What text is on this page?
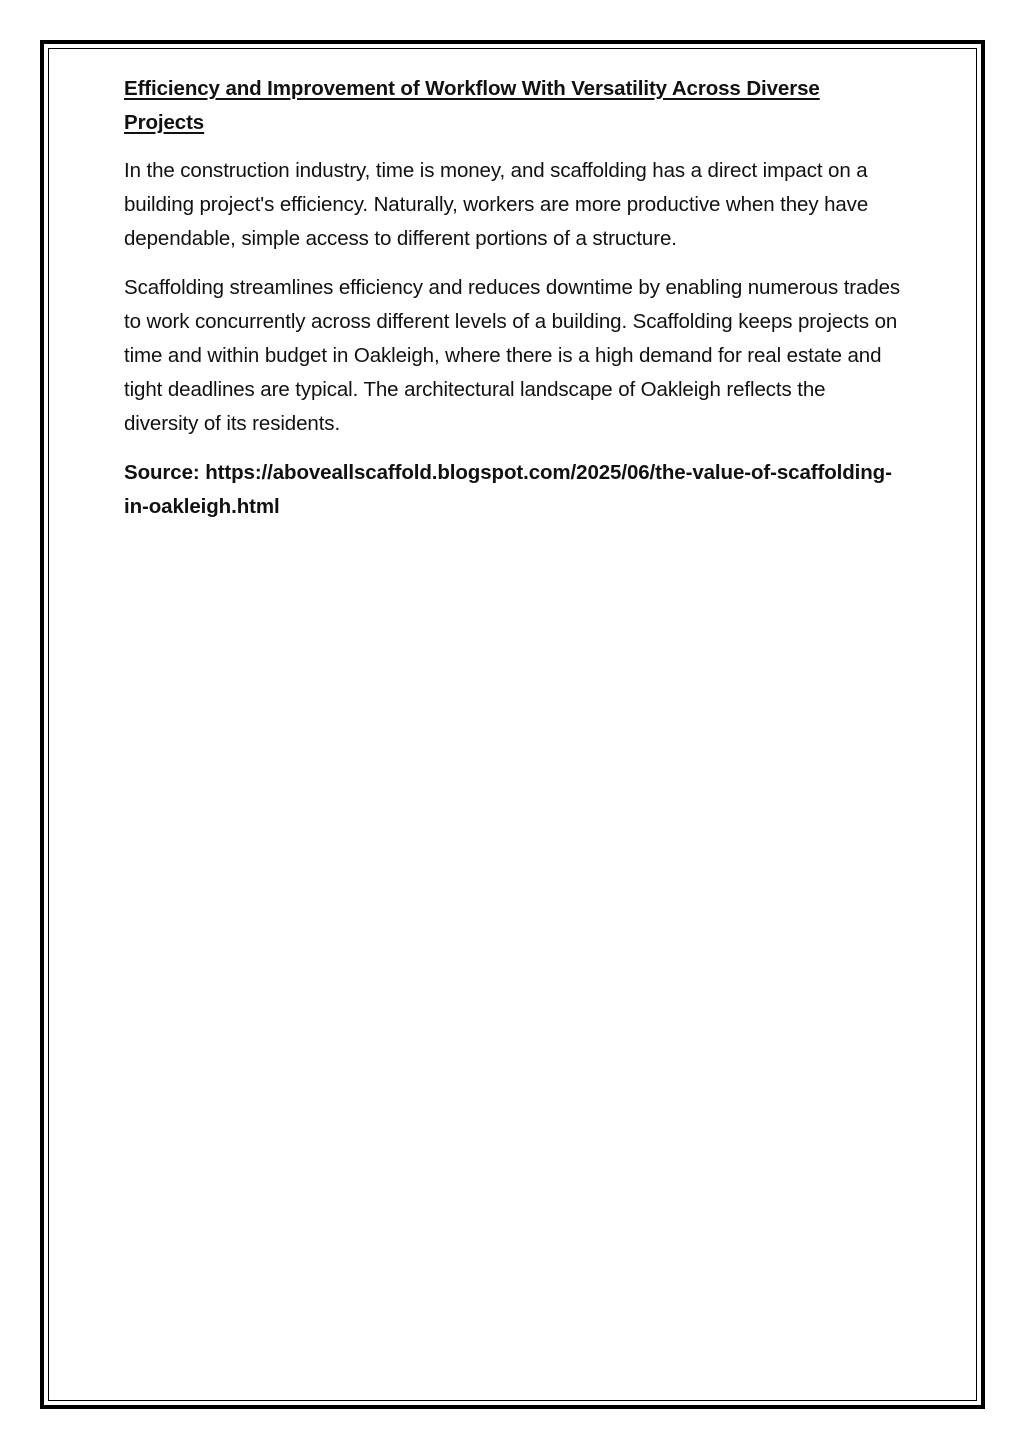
Efficiency and Improvement of Workflow With Versatility Across Diverse Projects

In the construction industry, time is money, and scaffolding has a direct impact on a building project's efficiency. Naturally, workers are more productive when they have dependable, simple access to different portions of a structure.

Scaffolding streamlines efficiency and reduces downtime by enabling numerous trades to work concurrently across different levels of a building. Scaffolding keeps projects on time and within budget in Oakleigh, where there is a high demand for real estate and tight deadlines are typical. The architectural landscape of Oakleigh reflects the diversity of its residents.

Source: https://aboveallscaffold.blogspot.com/2025/06/the-value-of-scaffolding-in-oakleigh.html
